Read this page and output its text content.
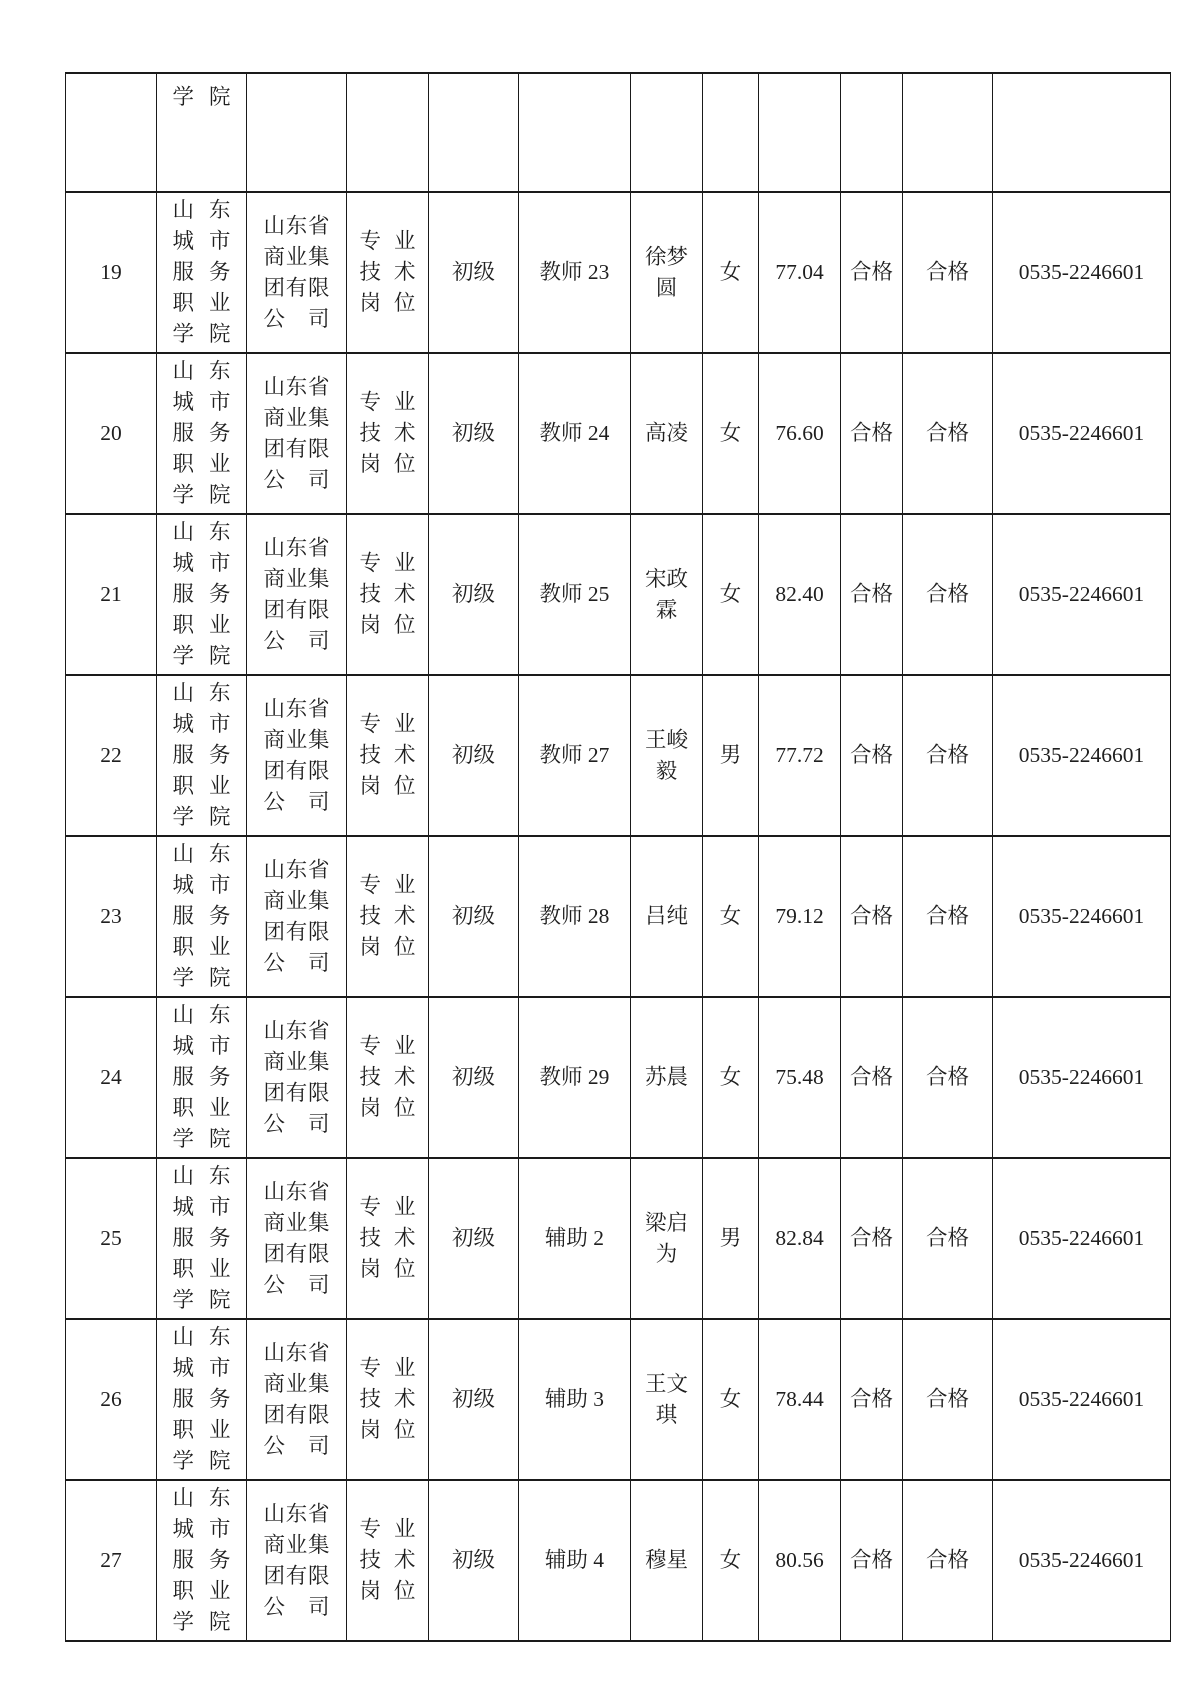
	学院										
19	山东城市服务职业学院	山东省商业集团有限公司	专业技术岗位	初级	教师 23	徐梦圆	女	77.04	合格	合格	0535-2246601
20	山东城市服务职业学院	山东省商业集团有限公司	专业技术岗位	初级	教师 24	高凌	女	76.60	合格	合格	0535-2246601
21	山东城市服务职业学院	山东省商业集团有限公司	专业技术岗位	初级	教师 25	宋政霖	女	82.40	合格	合格	0535-2246601
22	山东城市服务职业学院	山东省商业集团有限公司	专业技术岗位	初级	教师 27	王峻毅	男	77.72	合格	合格	0535-2246601
23	山东城市服务职业学院	山东省商业集团有限公司	专业技术岗位	初级	教师 28	吕纯	女	79.12	合格	合格	0535-2246601
24	山东城市服务职业学院	山东省商业集团有限公司	专业技术岗位	初级	教师 29	苏晨	女	75.48	合格	合格	0535-2246601
25	山东城市服务职业学院	山东省商业集团有限公司	专业技术岗位	初级	辅助 2	梁启为	男	82.84	合格	合格	0535-2246601
26	山东城市服务职业学院	山东省商业集团有限公司	专业技术岗位	初级	辅助 3	王文琪	女	78.44	合格	合格	0535-2246601
27	山东城市服务职业学院	山东省商业集团有限公司	专业技术岗位	初级	辅助 4	穆星	女	80.56	合格	合格	0535-2246601
